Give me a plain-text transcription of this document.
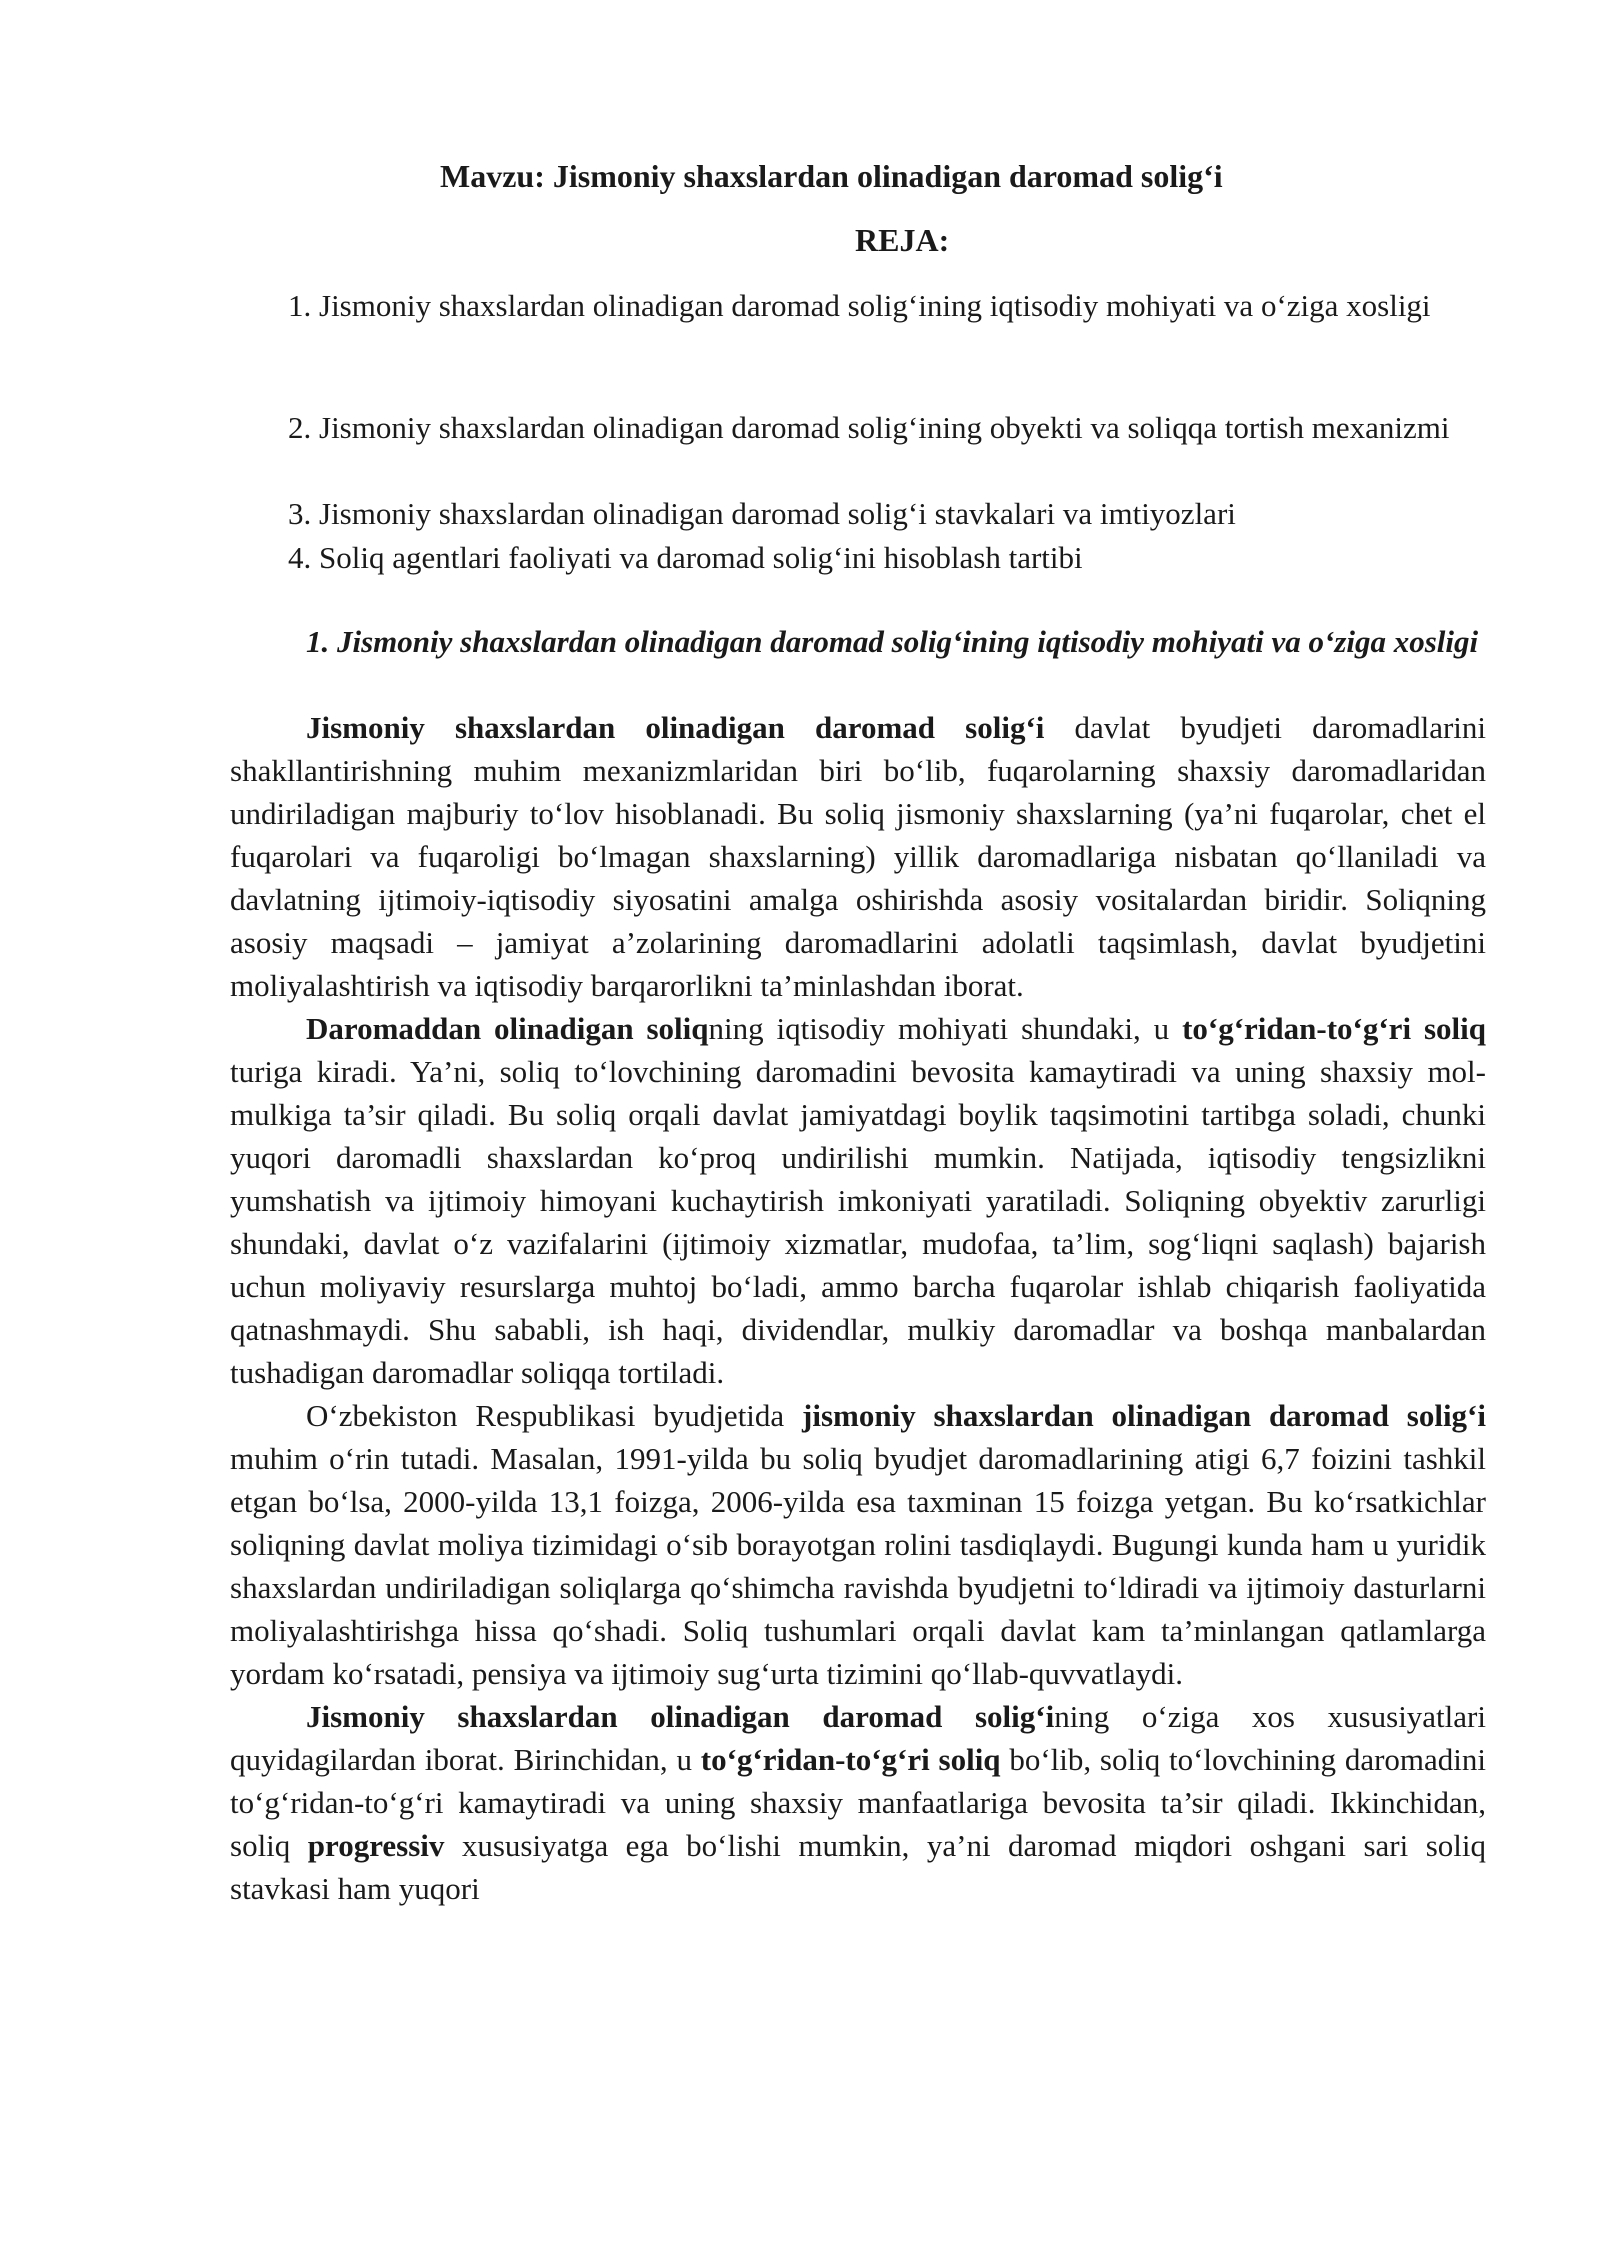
Mavzu: Jismoniy shaxslardan olinadigan daromad solig‘i
REJA:
1. Jismoniy shaxslardan olinadigan daromad solig‘ining iqtisodiy mohiyati va o‘ziga xosligi
2. Jismoniy shaxslardan olinadigan daromad solig‘ining obyekti va soliqqa tortish mexanizmi
3. Jismoniy shaxslardan olinadigan daromad solig‘i stavkalari va imtiyozlari
4. Soliq agentlari faoliyati va daromad solig‘ini hisoblash tartibi
1. Jismoniy shaxslardan olinadigan daromad solig‘ining iqtisodiy mohiyati va o‘ziga xosligi

Jismoniy shaxslardan olinadigan daromad solig‘i davlat byudjeti daromadlarini shakllantirishning muhim mexanizmlaridan biri bo‘lib, fuqarolarning shaxsiy daromadlaridan undiriladigan majburiy to‘lov hisoblanadi. Bu soliq jismoniy shaxslarning (ya’ni fuqarolar, chet el fuqarolari va fuqaroligi bo‘lmagan shaxslarning) yillik daromadlariga nisbatan qo‘llaniladi va davlatning ijtimoiy-iqtisodiy siyosatini amalga oshirishda asosiy vositalardan biridir. Soliqning asosiy maqsadi – jamiyat a’zolarining daromadlarini adolatli taqsimlash, davlat byudjetini moliyalashtirish va iqtisodiy barqarorlikni ta’minlashdan iborat.

Daromaddan olinadigan soliqning iqtisodiy mohiyati shundaki, u to‘g‘ridan-to‘g‘ri soliq turiga kiradi. Ya’ni, soliq to‘lovchining daromadini bevosita kamaytiradi va uning shaxsiy mol-mulkiga ta’sir qiladi. Bu soliq orqali davlat jamiyatdagi boylik taqsimotini tartibga soladi, chunki yuqori daromadli shaxslardan ko‘proq undirilishi mumkin. Natijada, iqtisodiy tengsizlikni yumshatish va ijtimoiy himoyani kuchaytirish imkoniyati yaratiladi. Soliqning obyektiv zarurligi shundaki, davlat o‘z vazifalarini (ijtimoiy xizmatlar, mudofaa, ta’lim, sog‘liqni saqlash) bajarish uchun moliyaviy resurslarga muhtoj bo‘ladi, ammo barcha fuqarolar ishlab chiqarish faoliyatida qatnashmaydi. Shu sababli, ish haqi, dividendlar, mulkiy daromadlar va boshqa manbalardan tushadigan daromadlar soliqqa tortiladi.

O‘zbekiston Respublikasi byudjetida jismoniy shaxslardan olinadigan daromad solig‘i muhim o‘rin tutadi. Masalan, 1991-yilda bu soliq byudjet daromadlarining atigi 6,7 foizini tashkil etgan bo‘lsa, 2000-yilda 13,1 foizga, 2006-yilda esa taxminan 15 foizga yetgan. Bu ko‘rsatkichlar soliqning davlat moliya tizimidagi o‘sib borayotgan rolini tasdiqlaydi. Bugungi kunda ham u yuridik shaxslardan undiriladigan soliqlarga qo‘shimcha ravishda byudjetni to‘ldiradi va ijtimoiy dasturlarni moliyalashtirishga hissa qo‘shadi. Soliq tushumlari orqali davlat kam ta’minlangan qatlamlarga yordam ko‘rsatadi, pensiya va ijtimoiy sug‘urta tizimini qo‘llab-quvvatlaydi.

Jismoniy shaxslardan olinadigan daromad solig‘ining o‘ziga xos xususiyatlari quyidagilardan iborat. Birinchidan, u to‘g‘ridan-to‘g‘ri soliq bo‘lib, soliq to‘lovchining daromadini to‘g‘ridan-to‘g‘ri kamaytiradi va uning shaxsiy manfaatlariga bevosita ta’sir qiladi. Ikkinchidan, soliq progressiv xususiyatga ega bo‘lishi mumkin, ya’ni daromad miqdori oshgani sari soliq stavkasi ham yuqori
